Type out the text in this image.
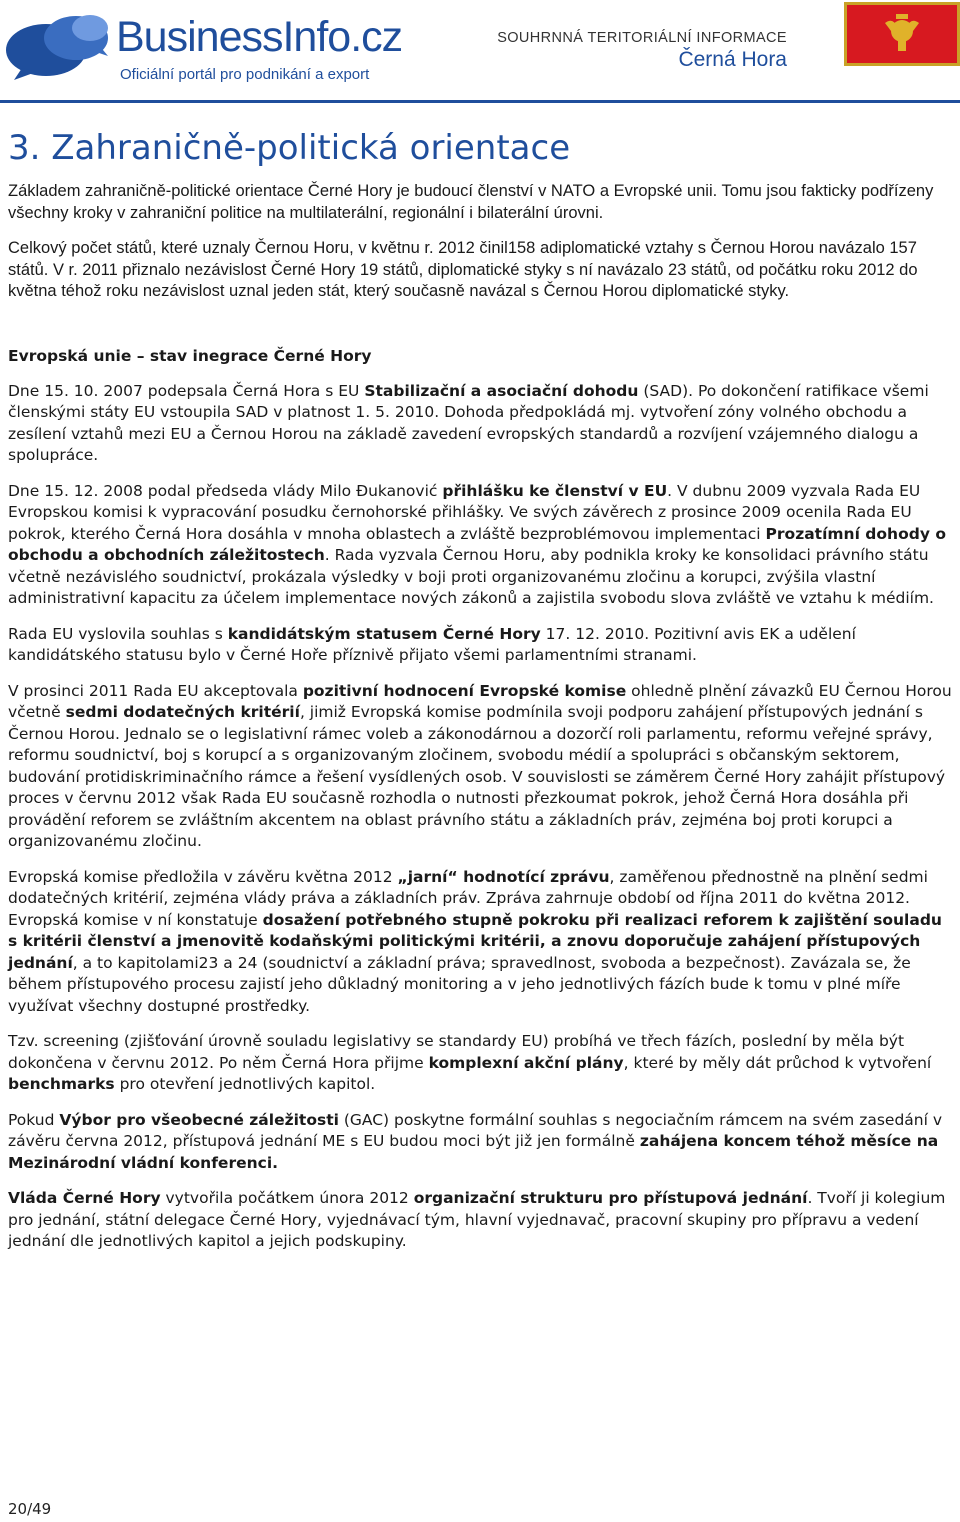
BusinessInfo.cz
Oficiální portál pro podnikání a export
SOUHRNNÁ TERITORIÁLNÍ INFORMACE
Černá Hora
3. Zahraničně-politická orientace

Základem zahraničně-politické orientace Černé Hory je budoucí členství v NATO a Evropské unii. Tomu jsou fakticky podřízeny všechny kroky v zahraniční politice na multilaterální, regionální i bilaterální úrovni.

Celkový počet států, které uznaly Černou Horu, v květnu r. 2012 činil158 adiplomatické vztahy s Černou Horou navázalo 157 států. V r. 2011 přiznalo nezávislost Černé Hory 19 států, diplomatické styky s ní navázalo 23 států, od počátku roku 2012 do května téhož roku nezávislost uznal jeden stát, který současně navázal s Černou Horou diplomatické styky.

Evropská unie – stav inegrace Černé Hory

Dne 15. 10. 2007 podepsala Černá Hora s EU Stabilizační a asociační dohodu (SAD). Po dokončení ratifikace všemi členskými státy EU vstoupila SAD v platnost 1. 5. 2010. Dohoda předpokládá mj. vytvoření zóny volného obchodu a zesílení vztahů mezi EU a Černou Horou na základě zavedení evropských standardů a rozvíjení vzájemného dialogu a spolupráce.

Dne 15. 12. 2008 podal předseda vlády Milo Đukanović přihlášku ke členství v EU. V dubnu 2009 vyzvala Rada EU Evropskou komisi k vypracování posudku černohorské přihlášky. Ve svých závěrech z prosince 2009 ocenila Rada EU pokrok, kterého Černá Hora dosáhla v mnoha oblastech a zvláště bezproblémovou implementaci Prozatímní dohody o obchodu a obchodních záležitostech. Rada vyzvala Černou Horu, aby podnikla kroky ke konsolidaci právního státu včetně nezávislého soudnictví, prokázala výsledky v boji proti organizovanému zločinu a korupci, zvýšila vlastní administrativní kapacitu za účelem implementace nových zákonů a zajistila svobodu slova zvláště ve vztahu k médiím.

Rada EU vyslovila souhlas s kandidátským statusem Černé Hory 17. 12. 2010. Pozitivní avis EK a udělení kandidátského statusu bylo v Černé Hoře příznivě přijato všemi parlamentními stranami.

V prosinci 2011 Rada EU akceptovala pozitivní hodnocení Evropské komise ohledně plnění závazků EU Černou Horou včetně sedmi dodatečných kritérií, jimiž Evropská komise podmínila svoji podporu zahájení přístupových jednání s Černou Horou. Jednalo se o legislativní rámec voleb a zákonodárnou a dozorčí roli parlamentu, reformu veřejné správy, reformu soudnictví, boj s korupcí a s organizovaným zločinem, svobodu médií a spolupráci s občanským sektorem, budování protidiskriminačního rámce a řešení vysídlených osob. V souvislosti se záměrem Černé Hory zahájit přístupový proces v červnu 2012 však Rada EU současně rozhodla o nutnosti přezkoumat pokrok, jehož Černá Hora dosáhla při provádění reforem se zvláštním akcentem na oblast právního státu a základních práv, zejména boj proti korupci a organizovanému zločinu.

Evropská komise předložila v závěru května 2012 „jarní“ hodnotící zprávu, zaměřenou přednostně na plnění sedmi dodatečných kritérií, zejména vlády práva a základních práv. Zpráva zahrnuje období od října 2011 do května 2012. Evropská komise v ní konstatuje dosažení potřebného stupně pokroku při realizaci reforem k zajištění souladu s kritérii členství a jmenovitě kodaňskými politickými kritérii, a znovu doporučuje zahájení přístupových jednání, a to kapitolami23 a 24 (soudnictví a základní práva; spravedlnost, svoboda a bezpečnost). Zavázala se, že během přístupového procesu zajistí jeho důkladný monitoring a v jeho jednotlivých fázích bude k tomu v plné míře využívat všechny dostupné prostředky.

Tzv. screening (zjišťování úrovně souladu legislativy se standardy EU) probíhá ve třech fázích, poslední by měla být dokončena v červnu 2012. Po něm Černá Hora přijme komplexní akční plány, které by měly dát průchod k vytvoření benchmarks pro otevření jednotlivých kapitol.

Pokud Výbor pro všeobecné záležitosti (GAC) poskytne formální souhlas s negociačním rámcem na svém zasedání v závěru června 2012, přístupová jednání ME s EU budou moci být již jen formálně zahájena koncem téhož měsíce na Mezinárodní vládní konferenci.

Vláda Černé Hory vytvořila počátkem února 2012 organizační strukturu pro přístupová jednání. Tvoří ji kolegium pro jednání, státní delegace Černé Hory, vyjednávací tým, hlavní vyjednavač, pracovní skupiny pro přípravu a vedení jednání dle jednotlivých kapitol a jejich podskupiny.

20/49
